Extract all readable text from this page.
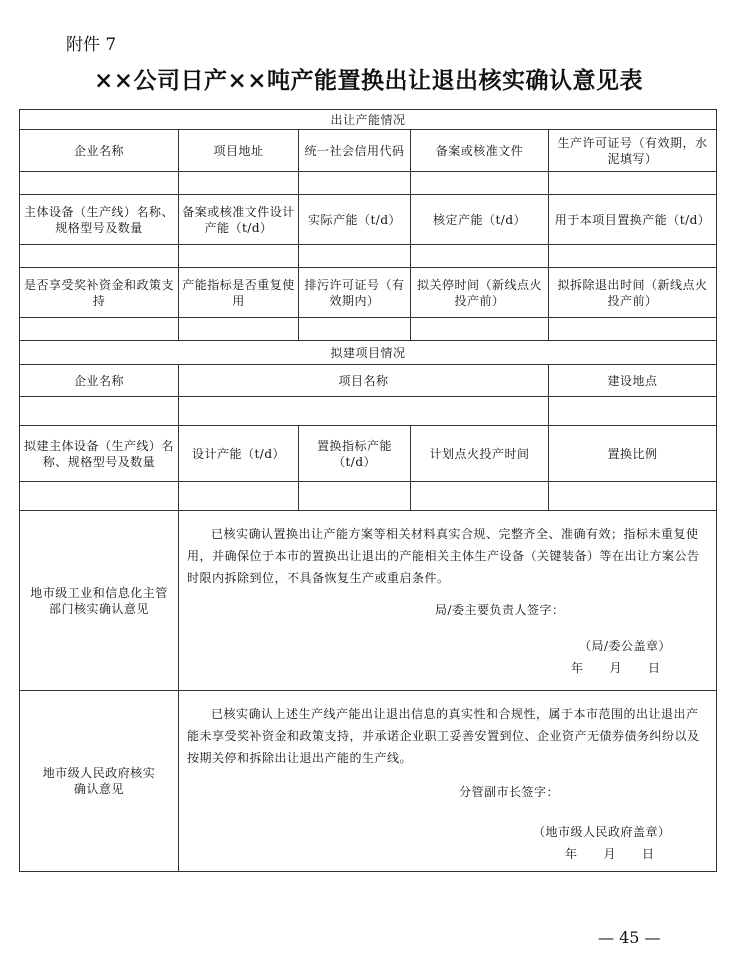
附件 7
××公司日产××吨产能置换出让退出核实确认意见表
出让产能情况				
企业名称	项目地址	统一社会信用代码	备案或核准文件	生产许可证号（有效期，水泥填写）

主体设备（生产线）名称、规格型号及数量	备案或核准文件设计产能（t/d）	实际产能（t/d）	核定产能（t/d）	用于本项目置换产能（t/d）

是否享受奖补资金和政策支持	产能指标是否重复使用	排污许可证号（有效期内）	拟关停时间（新线点火投产前）	拟拆除退出时间（新线点火投产前）

拟建项目情况				
企业名称	项目名称			建设地点

拟建主体设备（生产线）名称、规格型号及数量	设计产能（t/d）	置换指标产能（t/d）	计划点火投产时间	置换比例

地市级工业和信息化主管部门核实确认意见	已核实确认置换出让产能方案等相关材料真实合规、完整齐全、准确有效；指标未重复使用，并确保位于本市的置换出让退出的产能相关主体生产设备（关键装备）等在出让方案公告时限内拆除到位，不具备恢复生产或重启条件。

局/委主要负责人签字：
（局/委公盖章）
年 月 日			

地市级人民政府核实确认意见	已核实确认上述生产线产能出让退出信息的真实性和合规性，属于本市范围的出让退出产能未享受奖补资金和政策支持，并承诺企业职工妥善安置到位、企业资产无债券债务纠纷以及按期关停和拆除出让退出产能的生产线。

分管副市长签字：
（地市级人民政府盖章）
年 月 日			
— 45 —
